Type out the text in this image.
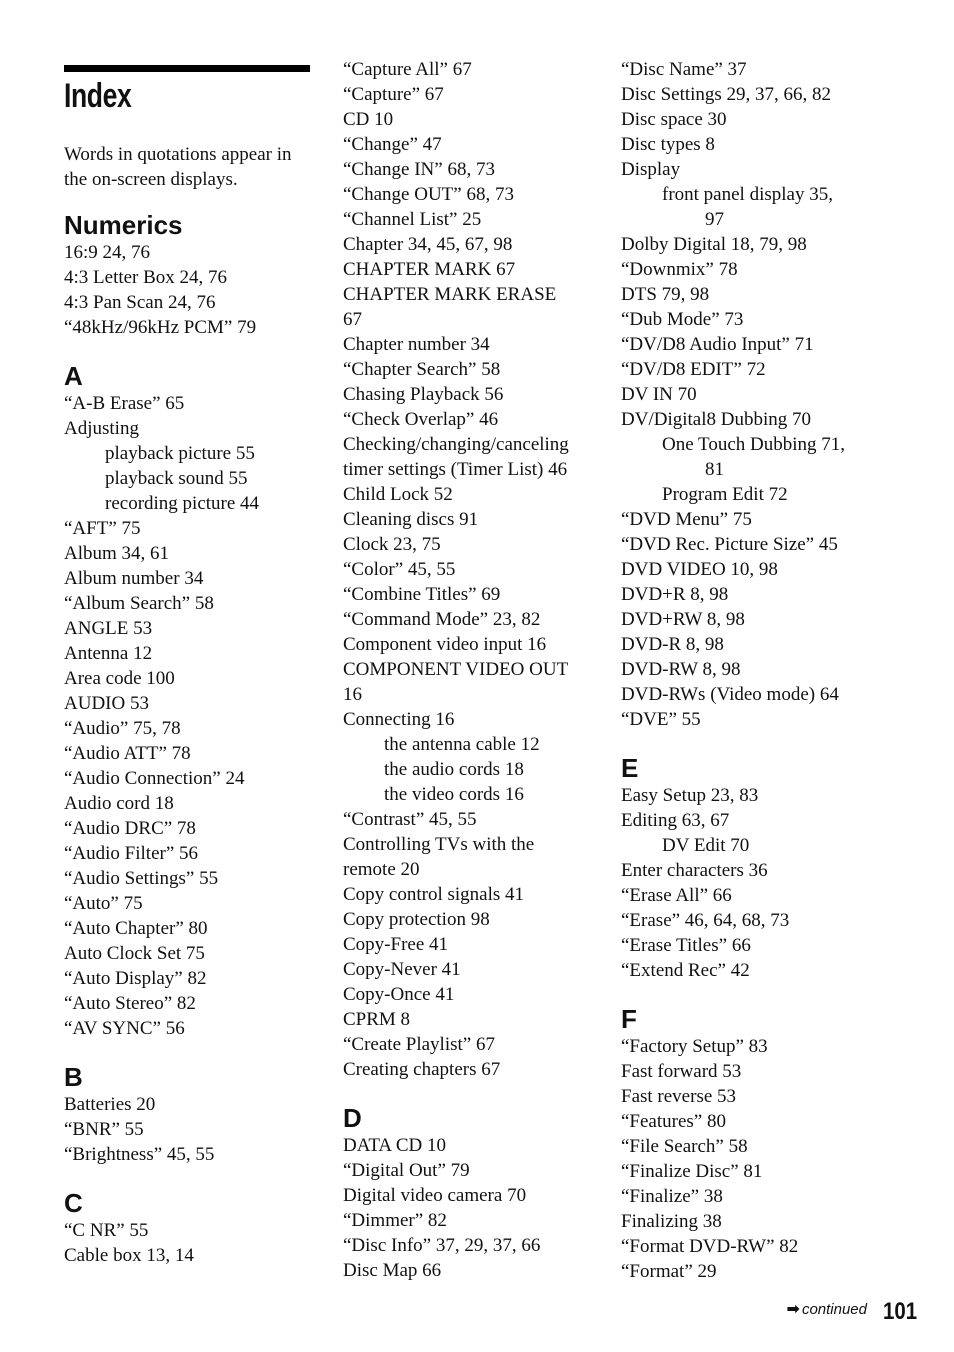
Index

Words in quotations appear in the on-screen displays.

Numerics
16:9 24, 76
4:3 Letter Box 24, 76
4:3 Pan Scan 24, 76
“48kHz/96kHz PCM” 79
A
“A-B Erase” 65
Adjusting
playback picture 55
playback sound 55
recording picture 44
“AFT” 75
Album 34, 61
Album number 34
“Album Search” 58
ANGLE 53
Antenna 12
Area code 100
AUDIO 53
“Audio” 75, 78
“Audio ATT” 78
“Audio Connection” 24
Audio cord 18
“Audio DRC” 78
“Audio Filter” 56
“Audio Settings” 55
“Auto” 75
“Auto Chapter” 80
Auto Clock Set 75
“Auto Display” 82
“Auto Stereo” 82
“AV SYNC” 56
B
Batteries 20
“BNR” 55
“Brightness” 45, 55
C
“C NR” 55
Cable box 13, 14
“Capture All” 67
“Capture” 67
CD 10
“Change” 47
“Change IN” 68, 73
“Change OUT” 68, 73
“Channel List” 25
Chapter 34, 45, 67, 98
CHAPTER MARK 67
CHAPTER MARK ERASE
67
Chapter number 34
“Chapter Search” 58
Chasing Playback 56
“Check Overlap” 46
Checking/changing/canceling
timer settings (Timer List) 46
Child Lock 52
Cleaning discs 91
Clock 23, 75
“Color” 45, 55
“Combine Titles” 69
“Command Mode” 23, 82
Component video input 16
COMPONENT VIDEO OUT
16
Connecting 16
the antenna cable 12
the audio cords 18
the video cords 16
“Contrast” 45, 55
Controlling TVs with the
remote 20
Copy control signals 41
Copy protection 98
Copy-Free 41
Copy-Never 41
Copy-Once 41
CPRM 8
“Create Playlist” 67
Creating chapters 67
D
DATA CD 10
“Digital Out” 79
Digital video camera 70
“Dimmer” 82
“Disc Info” 37, 29, 37, 66
Disc Map 66
“Disc Name” 37
Disc Settings 29, 37, 66, 82
Disc space 30
Disc types 8
Display
front panel display 35,
97
Dolby Digital 18, 79, 98
“Downmix” 78
DTS 79, 98
“Dub Mode” 73
“DV/D8 Audio Input” 71
“DV/D8 EDIT” 72
DV IN 70
DV/Digital8 Dubbing 70
One Touch Dubbing 71,
81
Program Edit 72
“DVD Menu” 75
“DVD Rec. Picture Size” 45
DVD VIDEO 10, 98
DVD+R 8, 98
DVD+RW 8, 98
DVD-R 8, 98
DVD-RW 8, 98
DVD-RWs (Video mode) 64
“DVE” 55
E
Easy Setup 23, 83
Editing 63, 67
DV Edit 70
Enter characters 36
“Erase All” 66
“Erase” 46, 64, 68, 73
“Erase Titles” 66
“Extend Rec” 42
F
“Factory Setup” 83
Fast forward 53
Fast reverse 53
“Features” 80
“File Search” 58
“Finalize Disc” 81
“Finalize” 38
Finalizing 38
“Format DVD-RW” 82
“Format” 29
➡ continued 101
